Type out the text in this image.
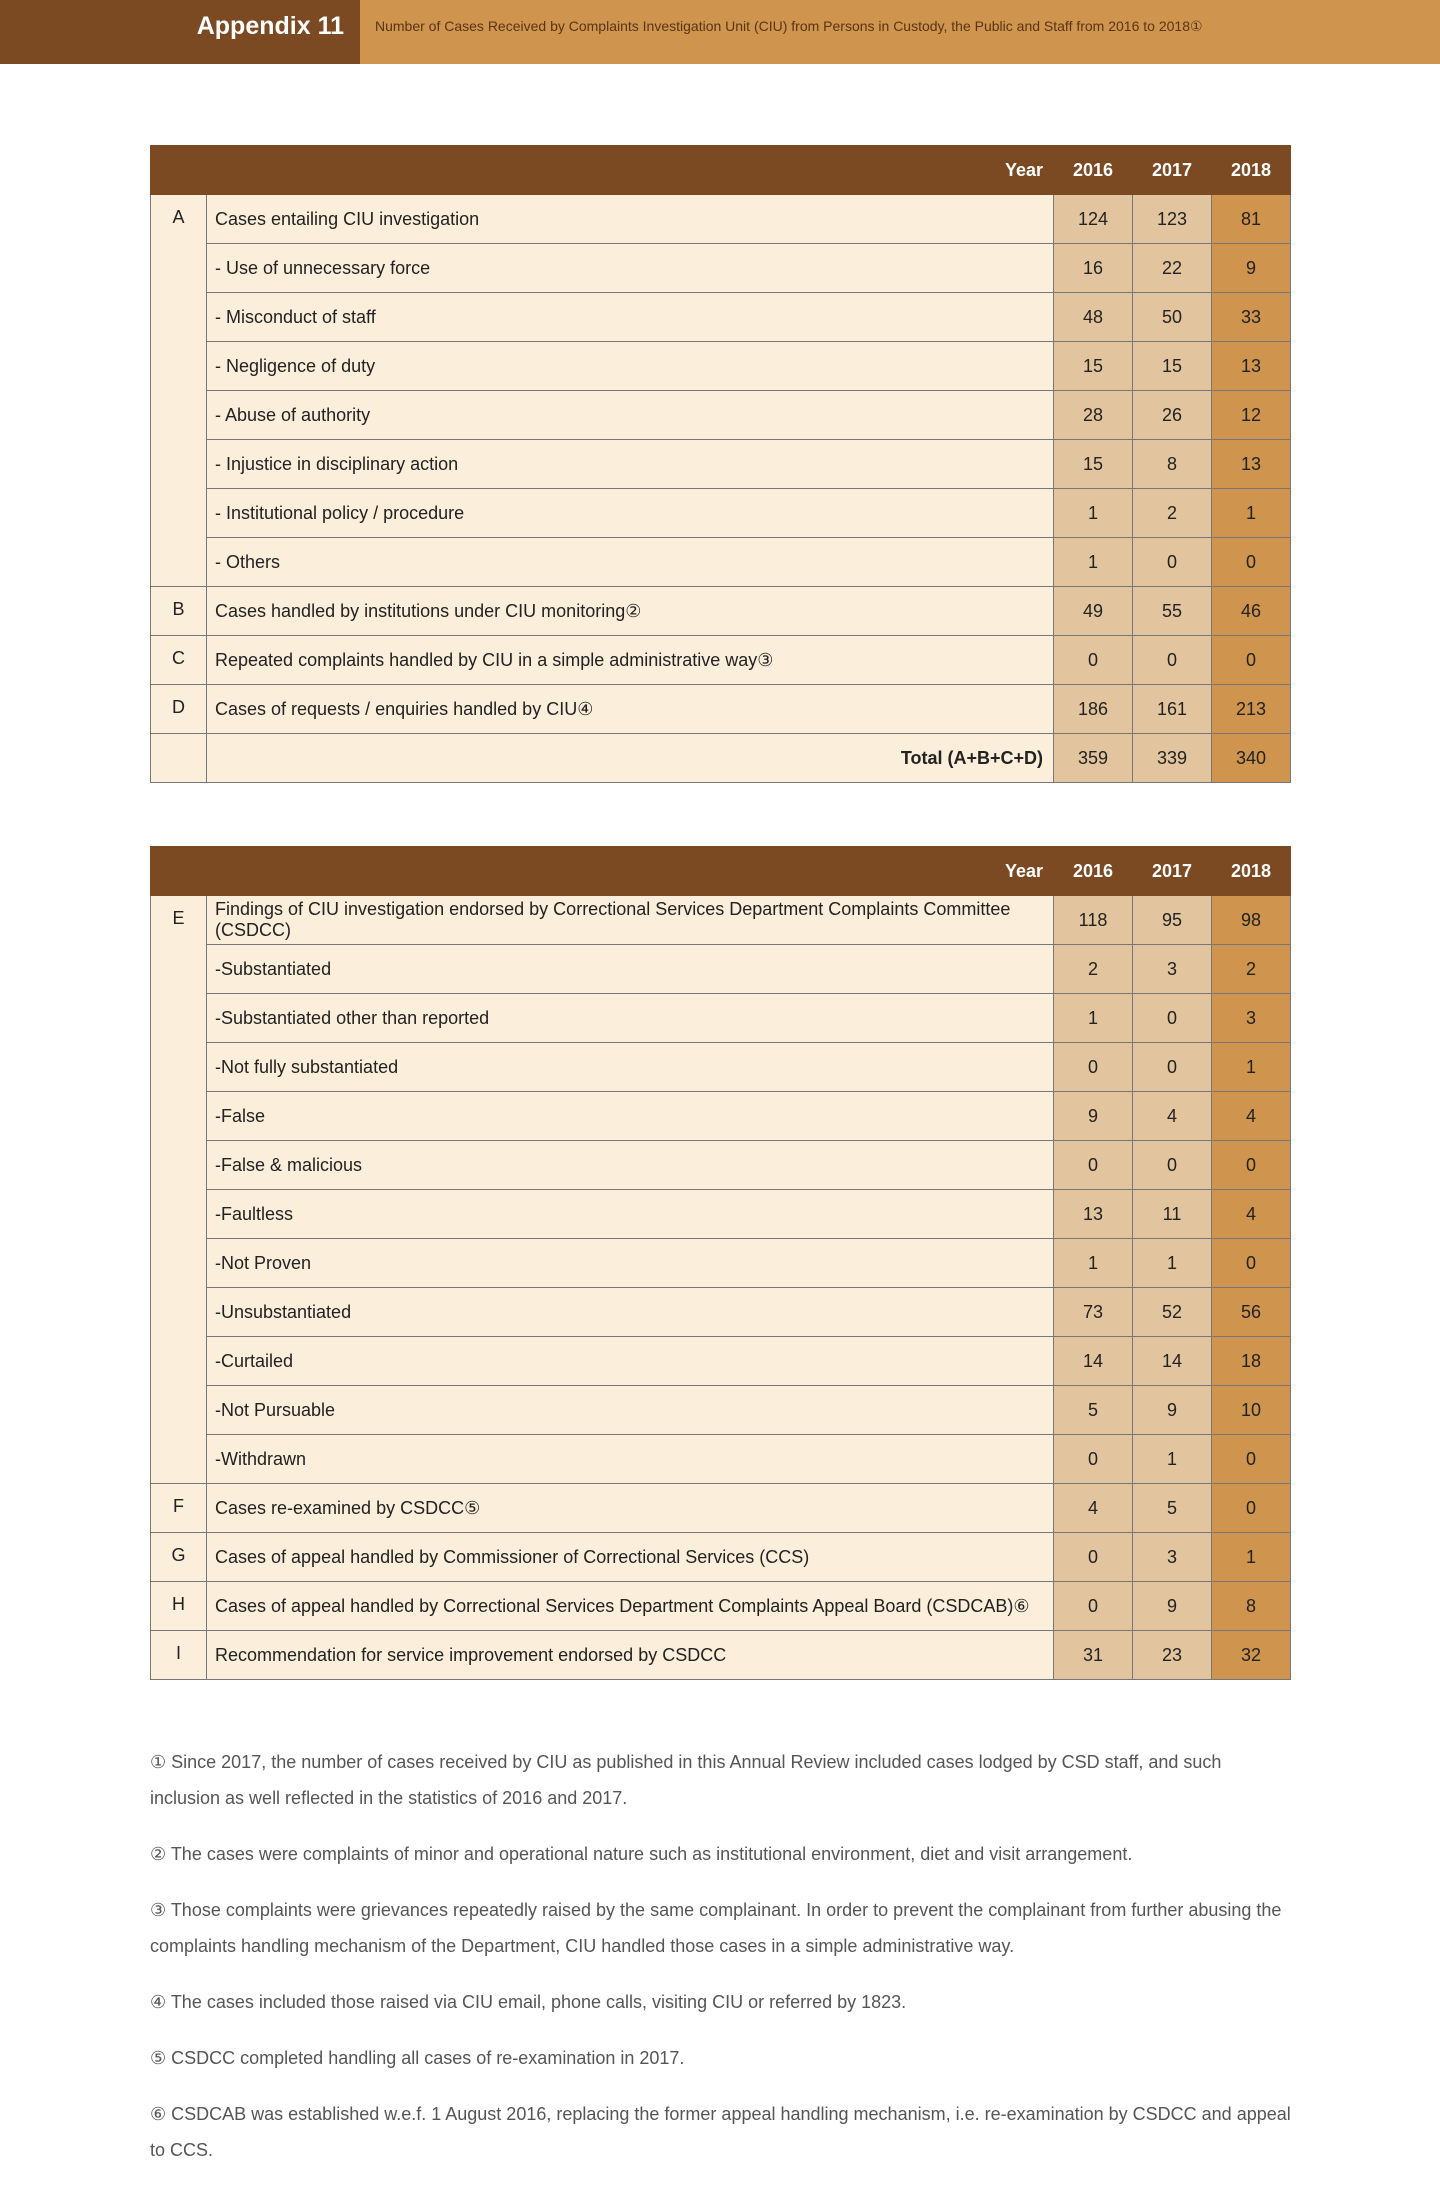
Appendix 11	Number of Cases Received by Complaints Investigation Unit (CIU) from Persons in Custody, the Public and Staff from 2016 to 2018①
Year		2016	2017	2018
A	Cases entailing CIU investigation	124	123	81
	- Use of unnecessary force	16	22	9
	- Misconduct of staff	48	50	33
	- Negligence of duty	15	15	13
	- Abuse of authority	28	26	12
	- Injustice in disciplinary action	15	8	13
	- Institutional policy / procedure	1	2	1
	- Others	1	0	0
B	Cases handled by institutions under CIU monitoring②	49	55	46
C	Repeated complaints handled by CIU in a simple administrative way③	0	0	0
D	Cases of requests / enquiries handled by CIU④	186	161	213
	Total (A+B+C+D)	359	339	340
Year		2016	2017	2018
E	Findings of CIU investigation endorsed by Correctional Services Department Complaints Committee (CSDCC)	118	95	98
	-Substantiated	2	3	2
	-Substantiated other than reported	1	0	3
	-Not fully substantiated	0	0	1
	-False	9	4	4
	-False & malicious	0	0	0
	-Faultless	13	11	4
	-Not Proven	1	1	0
	-Unsubstantiated	73	52	56
	-Curtailed	14	14	18
	-Not Pursuable	5	9	10
	-Withdrawn	0	1	0
F	Cases re-examined by CSDCC⑤	4	5	0
G	Cases of appeal handled by Commissioner of Correctional Services (CCS)	0	3	1
H	Cases of appeal handled by Correctional Services Department Complaints Appeal Board (CSDCAB)⑥	0	9	8
I	Recommendation for service improvement endorsed by CSDCC	31	23	32

① Since 2017, the number of cases received by CIU as published in this Annual Review included cases lodged by CSD staff, and such inclusion as well reflected in the statistics of 2016 and 2017.

② The cases were complaints of minor and operational nature such as institutional environment, diet and visit arrangement.

③ Those complaints were grievances repeatedly raised by the same complainant. In order to prevent the complainant from further abusing the complaints handling mechanism of the Department, CIU handled those cases in a simple administrative way.

④ The cases included those raised via CIU email, phone calls, visiting CIU or referred by 1823.

⑤ CSDCC completed handling all cases of re-examination in 2017.

⑥ CSDCAB was established w.e.f. 1 August 2016, replacing the former appeal handling mechanism, i.e. re-examination by CSDCC and appeal to CCS.
